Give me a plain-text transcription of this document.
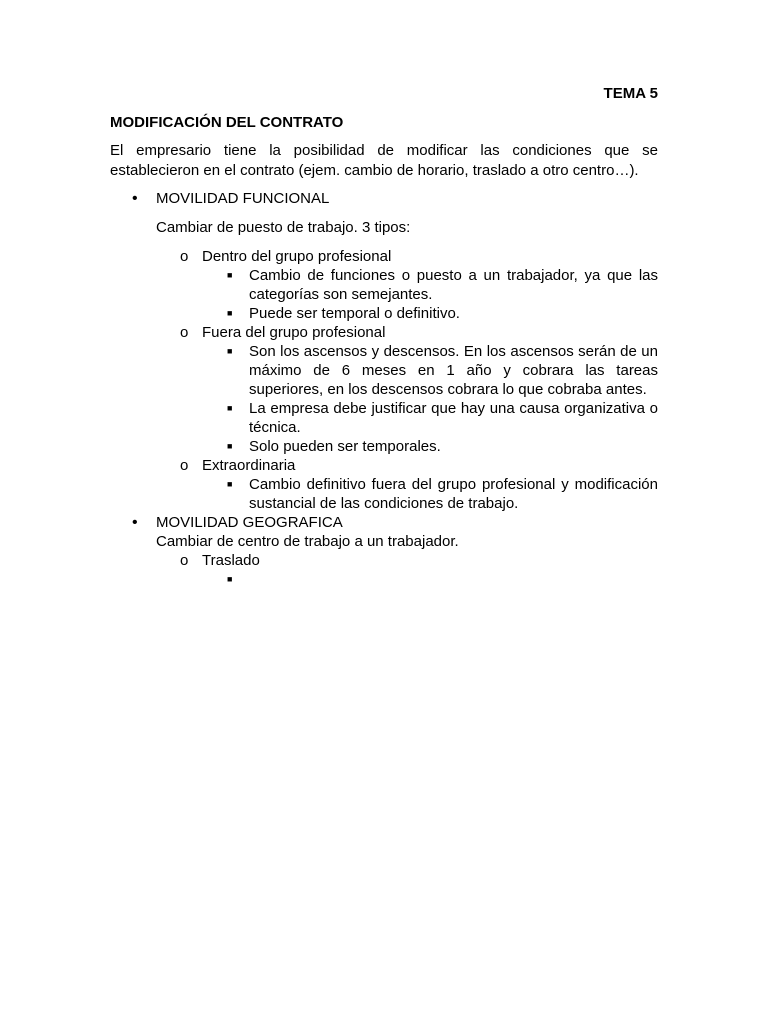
TEMA 5

MODIFICACIÓN DEL CONTRATO

El empresario tiene la posibilidad de modificar las condiciones que se establecieron en el contrato (ejem. cambio de horario, traslado a otro centro…).

• MOVILIDAD FUNCIONAL
Cambiar de puesto de trabajo. 3 tipos:
o Dentro del grupo profesional
■ Cambio de funciones o puesto a un trabajador, ya que las categorías son semejantes.
■ Puede ser temporal o definitivo.
o Fuera del grupo profesional
■ Son los ascensos y descensos. En los ascensos serán de un máximo de 6 meses en 1 año y cobrara las tareas superiores, en los descensos cobrara lo que cobraba antes.
■ La empresa debe justificar que hay una causa organizativa o técnica.
■ Solo pueden ser temporales.
o Extraordinaria
■ Cambio definitivo fuera del grupo profesional y modificación sustancial de las condiciones de trabajo.
• MOVILIDAD GEOGRAFICA
Cambiar de centro de trabajo a un trabajador.
o Traslado
■
